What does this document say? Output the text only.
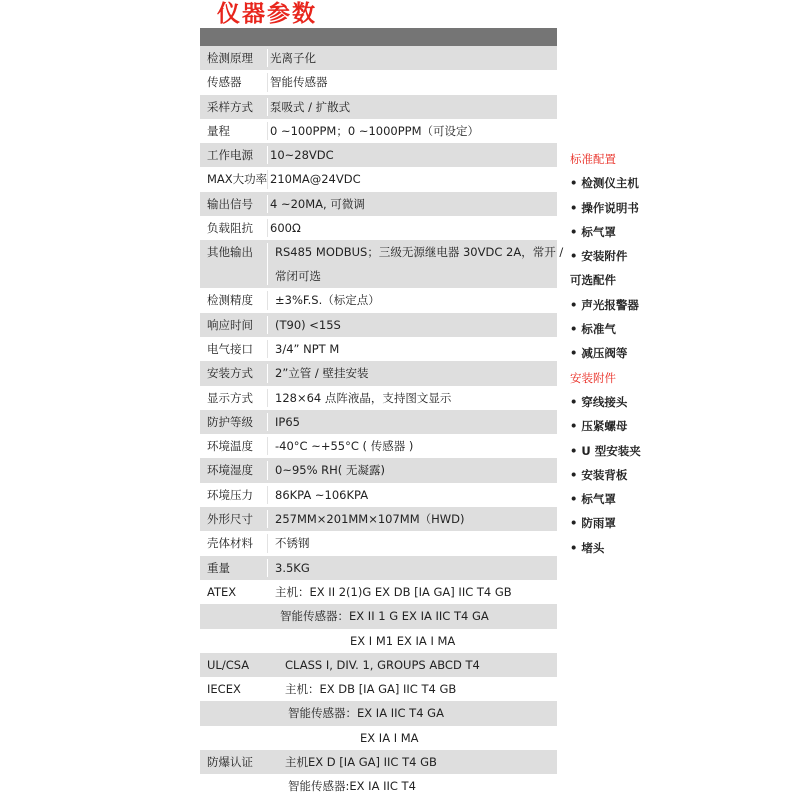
仪器参数
检测原理 光离子化
传感器 智能传感器
采样方式 泵吸式 / 扩散式
量程	0 ~100PPM；0 ~1000PPM（可设定）
工作电源 10~28VDC
MAX大功率 210MA@24VDC
输出信号 4 ~20MA, 可微调
负载阻抗 600Ω
其他输出 RS485 MODBUS；三级无源继电器 30VDC 2A，常开 / 常闭可选
检测精度 ±3%F.S.（标定点）
响应时间 (T90) <15S
电气接口 3/4” NPT M
安装方式 2”立管 / 壁挂安装
显示方式 128×64 点阵液晶，支持图文显示
防护等级 IP65
环境温度 -40°C ~+55°C ( 传感器 )
环境湿度 0~95% RH( 无凝露)
环境压力 86KPA ~106KPA
外形尺寸 257MM×201MM×107MM（HWD)
壳体材料 不锈钢
重量	3.5KG
ATEX	主机：EX II 2(1)G EX DB [IA GA] IIC T4 GB
智能传感器：EX II 1 G EX IA IIC T4 GA
EX I M1 EX IA I MA
UL/CSA	CLASS I, DIV. 1, GROUPS ABCD T4
IECEX	主机：EX DB [IA GA] IIC T4 GB
智能传感器：EX IA IIC T4 GA
EX IA I MA
防爆认证	主机EX D [IA GA] IIC T4 GB
智能传感器:EX IA IIC T4
标准配置
• 检测仪主机
• 操作说明书
• 标气罩
• 安装附件
可选配件
• 声光报警器
• 标准气
• 减压阀等
安装附件
• 穿线接头
• 压紧螺母
• U 型安装夹
• 安装背板
• 标气罩
• 防雨罩
• 堵头
